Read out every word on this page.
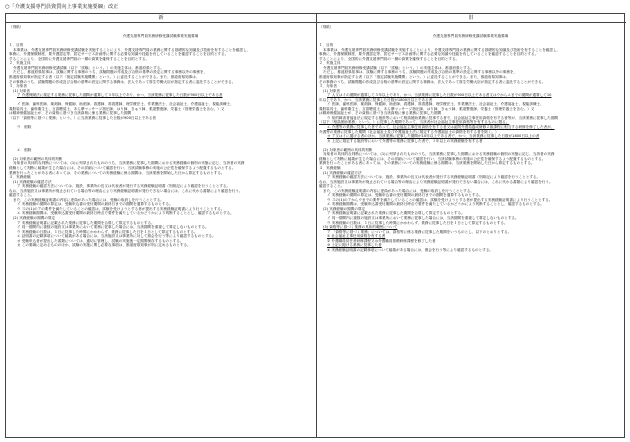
○「介護支援専門員資質向上事業実施要綱」改正
新
（別紙）
介護支援専門員実務研修受講試験事業実施要綱
１．目的
本事業は、介護支援専門員実務研修受講試験を実施することにより、介護支援専門員の業務に関する基礎的な知識及び技術を有することを確認し、
事務に、介護保険制度、要介護認定等、居宅サービス計画等に関する必要な知識や技能を有していることを確認することを目的とする。
することにより、全国的に介護支援専門員の一層の資質を確保することを目的とする。
２．実施主体
介護支援専門員実務研修受講試験（以下「試験」という。）の実施主体は、都道府県とする。
ただし、都道府県知事は、試験に関する事務のうち、試験問題の作成及び合格の基準の設定に関する事務以外の事務を、
都道府県知事が指定する者（以下「指定試験実施機関」という。）に委託することができる。また、都道府県知事は、
その事務のうち、試験問題の作成及び合格の基準の設定に関する事務は、法人であって厚生労働大臣が指定する者に委託することができる。
３．対象者
(1) 対象者
ア 介護保険法に規定する業務に従事した期間が通算して５年以上であり、かつ、当該業務に従事した日数が900日以上である者
イ 医師、歯科医師、薬剤師、保健師、助産師、看護師、准看護師、理学療法士、作業療法士、社会福祉士、介護福祉士、視能訓練士、
義肢装具士、歯科衛生士、言語聴覚士、あん摩マッサージ指圧師、はり師、きゅう師、柔道整復師、栄養士（管理栄養士を含む。）又
は精神保健福祉士が、その資格に基づき当該資格に係る業務に従事した期間
（以下「資格等に基づく業務」という。）に当該業務に従事した日数が900日以上である者
ウ　削除
エ　削除
(2) 対象者の範囲の具体的判断
対象者の具体的な判断については、(1)に列挙されたもののうち、当該業務に従事した期間における実務経験の個別の実態に応じ、当該者の実務
経験として判断に疑義が生じた場合には、その詳細について確認を行い、当該試験事務の実施の公正性を確保するよう配慮するものとする。
業務を行ったことがある者にあっては、その業務についての実務経験に係る期間は、当該業務を開始した日から算定するものとする。
４．実務経験
(1) 実務経験の確認方法
ア 実務経験の確認方法については、施設、事業所の長又は代表者が発行する実務経験証明書（別紙記により確認を行うこととする。
なお、当該施設又は事業所が廃止されている場合等の理由により実務経験証明書が発行できない場合には、これに代わる書類により確認を行う。
確認すること。
また、この実務経験証明書の内容に虚偽があった場合には、受験の取消しを行うこととする。
イ 実務経験の期間の算定は、受験申込書の受付期間の最終日までの期間を通算するものとする。
ウ ３の(1)のアの要件を満たしていることの確認は、試験を受けようとする者が提出する実務経験証明書により行うこととする。
エ 実務経験期間は、受験申込書受付期間の最終日時点で要件を満たしているかどうかにより判断することとし、確認するものとする。
(2) 実務経験の期間の算定
ア 実務経験証明書に記載された業務に従事した期間を合算して算定するものとする。
イ 同一期間内に複数の施設又は事業所において業務に従事した場合には、当該期間を重複して算定しないものとする。
ウ 実務経験の日数は、１日に従事した時間にかかわらず、業務に従事した日を１日として算定するものとする。
エ 証明書の記載事項について疑義がある場合には、当該施設又は事業所に対して照会を行う等により確認するものとする。
オ 受験申込者が提出した書類については、適切に管理し、試験の実施後一定期間保存するものとする。
カ この要綱に定めるもののほか、試験の実施に関し必要な事項は、都道府県知事が別に定めるものとする。
旧
（別紙）
介護支援専門員実務研修受講試験事業実施要綱
１．目的
本事業は、介護支援専門員実務研修受講試験を実施することにより、介護支援専門員の業務に関する基礎的な知識及び技術を有することを確認し、
事務に、介護保険制度、要介護認定等、居宅サービス計画等に関する必要な知識や技能を有していることを確認することを目的とする。
することにより、全国的に介護支援専門員の一層の資質を確保することを目的とする。
２．実施主体
介護支援専門員実務研修受講試験（以下「試験」という。）の実施主体は、都道府県とする。
ただし、都道府県知事は、試験に関する事務のうち、試験問題の作成及び合格の基準の設定に関する事務以外の事務を、
都道府県知事が指定する者（以下「指定試験実施機関」という。）に委託することができる。また、都道府県知事は、
その事務のうち、試験問題の作成及び合格の基準の設定に関する事務は、法人であって厚生労働大臣が指定する者に委託することができる。
３．対象者
(1) 対象者
ア 人又はイの期間が通算して５年以上であり、かつ、当該業務に従事した日数が900日以上である者又はウからエまでの期間が通算して10
年以上であり、かつ、当該業務に従事した日数が1800日以上である者
イ 医師、歯科医師、薬剤師、保健師、助産師、看護師、准看護師、理学療法士、作業療法士、社会福祉士、介護福祉士、視能訓練士、
義肢装具士、歯科衛生士、言語聴覚士、あん摩マッサージ指圧師、はり師、きゅう師、柔道整復師、栄養士（管理栄養士を含む。）又
は精神保健福祉士が、その資格に基づき当該資格に係る業務に従事した期間
ウ 知的障害者福祉法に規定する施設等において相談援助業務に従事する者で、社会福祉主事任用資格を有する者等が、当該業務に従事した期間
（以下「相談援助業務」という。）に従事した期間であって、当該者が社会福祉主事任用資格等を有するものに限る。
エ 介護等の業務に従事した者であって、社会福祉主事任用資格を有する者又は訪問介護員養成研修２級課程に相当する研修を修了した者が、
介護等の業務に従事した期間（社会福祉士及び介護福祉士法に規定する介護福祉士の資格を有する者を除く。）
オ ア又はイに掲げる者のほか、当該業務に従事した期間が10年以上である者で、かつ、当該業務に従事した日数が1800日以上の者
カ 上記に規定する施設等において介護等の業務に従事した者で、１年以上の実務経験を有する者
(2) 対象者の範囲の具体的判断
対象者の具体的な判断については、(1)に列挙されたもののうち、当該業務に従事した期間における実務経験の個別の実態に応じ、当該者の実務
経験として判断に疑義が生じた場合には、その詳細について確認を行い、当該試験事務の実施の公正性を確保するよう配慮するものとする。
業務を行ったことがある者にあっては、その業務についての実務経験に係る期間は、当該業務を開始した日から算定するものとする。
４．実務経験
(1) 実務経験の確認方法
ア 実務経験の確認方法については、施設、事業所の長又は代表者が発行する実務経験証明書（別紙記により確認を行うこととする。
なお、当該施設又は事業所が廃止されている場合等の理由により実務経験証明書が発行できない場合には、これに代わる書類により確認を行う。
確認すること。
また、この実務経験証明書の内容に虚偽があった場合には、受験の取消しを行うこととする。
イ 実務経験の期間の算定は、受験申込書の受付期間の最終日までの期間を通算するものとする。
ウ ３の(1)のアからウまでの要件を満たしていることの確認は、試験を受けようとする者が提出する実務経験証明書により行うこととする。
エ 実務経験期間は、受験申込書受付期間の最終日時点で要件を満たしているかどうかにより判断することとし、確認するものとする。
(2) 実務経験の期間の算定
ア 実務経験証明書に記載された業務に従事した期間を合算して算定するものとする。
イ 同一期間内に複数の施設又は事業所において業務に従事した場合には、当該期間を重複して算定しないものとする。
ウ 実務経験の日数は、１日に従事した時間にかかわらず、業務に従事した日を１日として算定するものとする。
(3) 資格等に基づく業務の具体的範囲について
ア 「資格等に基づく業務」については、資格等に係る業務に従事した期間をいうものとし、以下のとおりとする。
① 社会福祉主事任用資格を有する者
② 介護職員初任者研修課程又は介護職員基礎研修課程を修了した者
③ 上記に掲げる業務に従事した者
④ 実務経験証明書の記載事項について疑義がある場合には、照会を行う等により確認するものとする。
